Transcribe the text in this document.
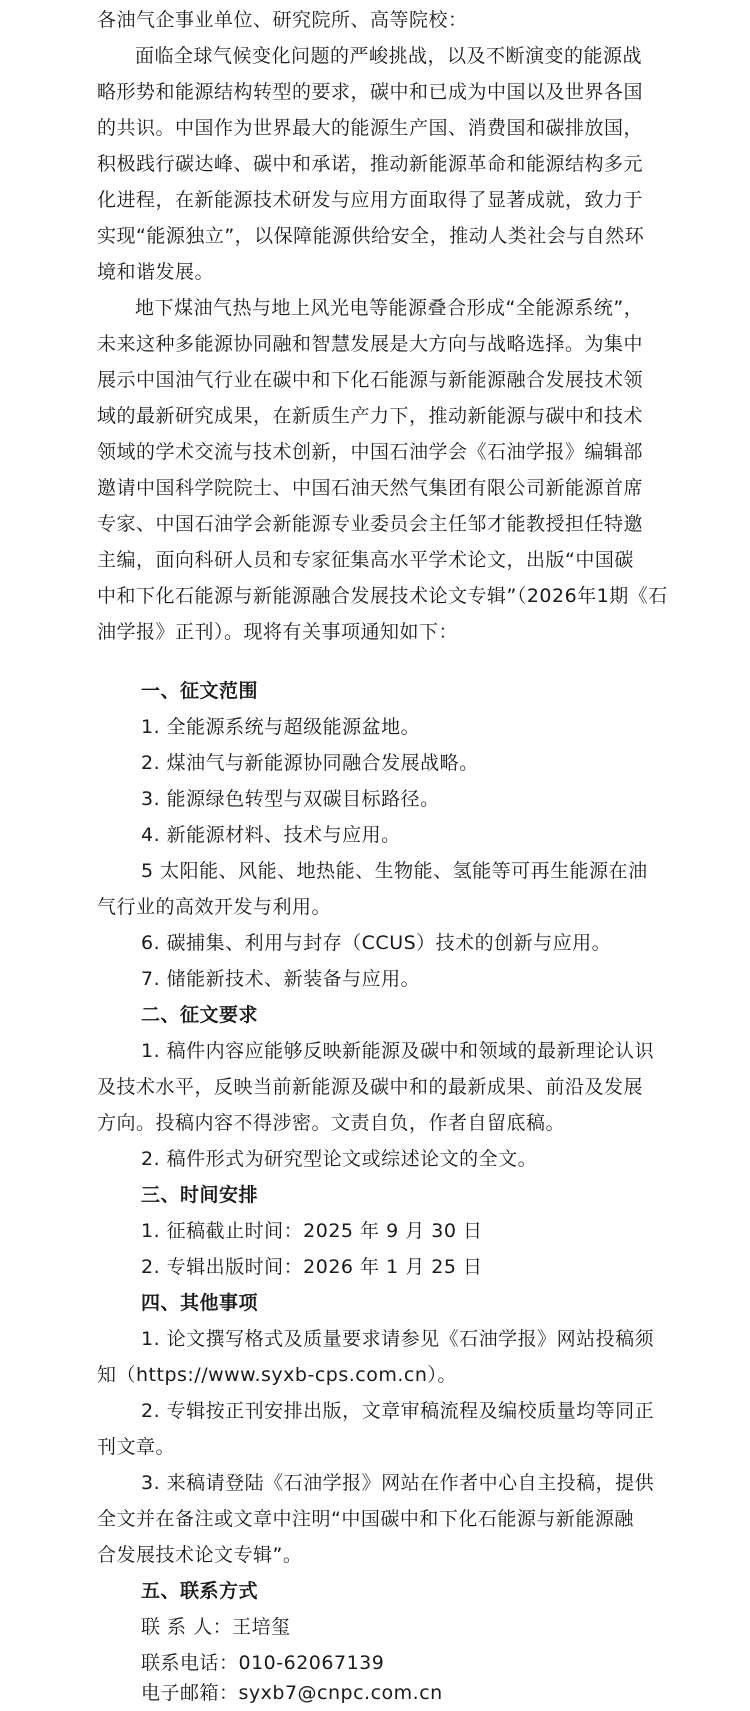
各油气企事业单位、研究院所、高等院校：

面临全球气候变化问题的严峻挑战，以及不断演变的能源战
略形势和能源结构转型的要求，碳中和已成为中国以及世界各国
的共识。中国作为世界最大的能源生产国、消费国和碳排放国，
积极践行碳达峰、碳中和承诺，推动新能源革命和能源结构多元
化进程，在新能源技术研发与应用方面取得了显著成就，致力于
实现“能源独立”，以保障能源供给安全，推动人类社会与自然环
境和谐发展。

地下煤油气热与地上风光电等能源叠合形成“全能源系统”，
未来这种多能源协同融和智慧发展是大方向与战略选择。为集中
展示中国油气行业在碳中和下化石能源与新能源融合发展技术领
域的最新研究成果，在新质生产力下，推动新能源与碳中和技术
领域的学术交流与技术创新，中国石油学会《石油学报》编辑部
邀请中国科学院院士、中国石油天然气集团有限公司新能源首席
专家、中国石油学会新能源专业委员会主任邹才能教授担任特邀
主编，面向科研人员和专家征集高水平学术论文，出版“中国碳
中和下化石能源与新能源融合发展技术论文专辑”（2026年1期《石
油学报》正刊）。现将有关事项通知如下：

一、征文范围

1. 全能源系统与超级能源盆地。

2. 煤油气与新能源协同融合发展战略。

3. 能源绿色转型与双碳目标路径。

4. 新能源材料、技术与应用。

5 太阳能、风能、地热能、生物能、氢能等可再生能源在油
气行业的高效开发与利用。

6. 碳捕集、利用与封存（CCUS）技术的创新与应用。

7. 储能新技术、新装备与应用。

二、征文要求

1. 稿件内容应能够反映新能源及碳中和领域的最新理论认识
及技术水平，反映当前新能源及碳中和的最新成果、前沿及发展
方向。投稿内容不得涉密。文责自负，作者自留底稿。

2. 稿件形式为研究型论文或综述论文的全文。

三、时间安排

1. 征稿截止时间：2025 年 9 月 30 日

2. 专辑出版时间：2026 年 1 月 25 日

四、其他事项

1. 论文撰写格式及质量要求请参见《石油学报》网站投稿须
知（https://www.syxb-cps.com.cn）。

2. 专辑按正刊安排出版，文章审稿流程及编校质量均等同正
刊文章。

3. 来稿请登陆《石油学报》网站在作者中心自主投稿，提供
全文并在备注或文章中注明“中国碳中和下化石能源与新能源融
合发展技术论文专辑”。

五、联系方式

联 系 人：王培玺

联系电话：010-62067139

电子邮箱：syxb7@cnpc.com.cn
